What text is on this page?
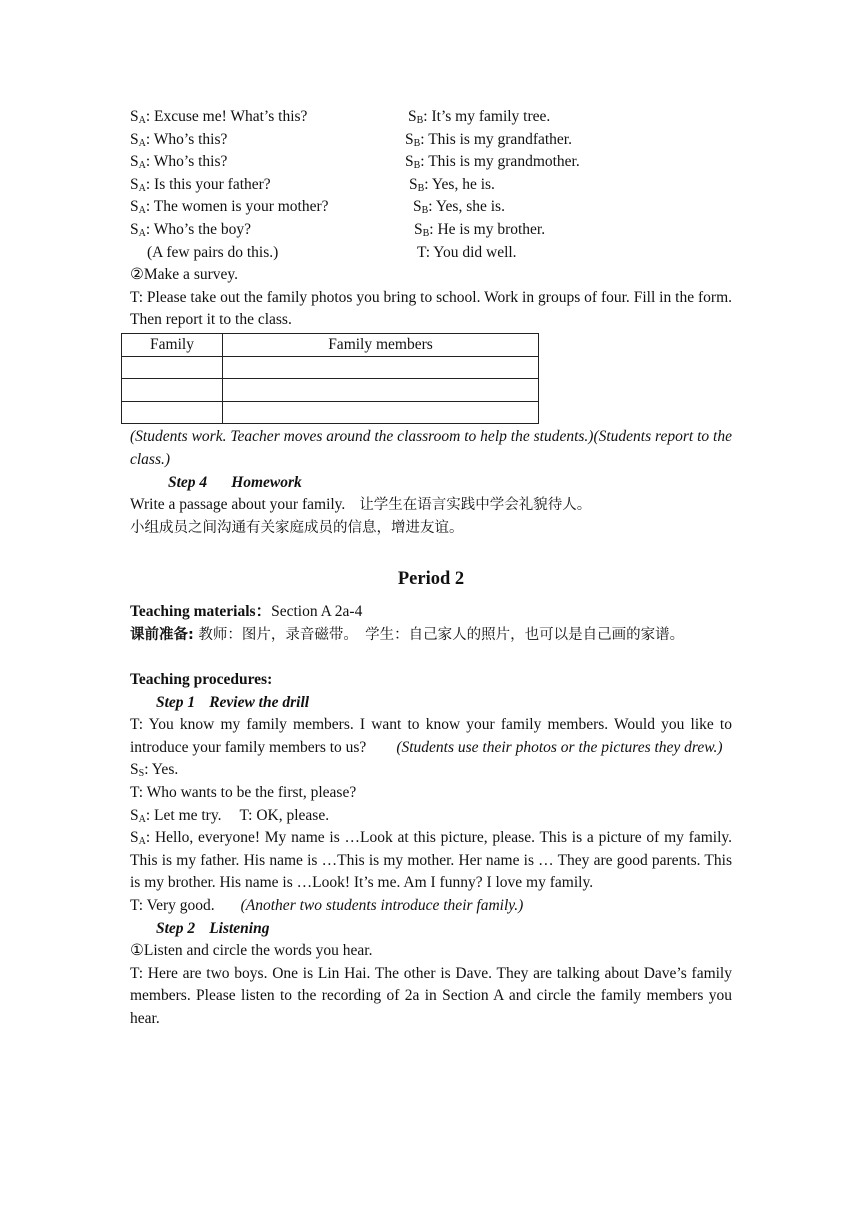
$S_A$: Excuse me! What’s this?	$S_B$: It’s my family tree.
$S_A$: Who’s this?	$S_B$: This is my grandfather.
$S_A$: Who’s this?	$S_B$: This is my grandmother.
$S_A$: Is this your father?	$S_B$: Yes, he is.
$S_A$: The women is your mother?	$S_B$: Yes, she is.
$S_A$: Who’s the boy?	$S_B$: He is my brother.
(A few pairs do this.)	T: You did well.
②Make a survey.
T: Please take out the family photos you bring to school. Work in groups of four. Fill in the form. Then report it to the class.
Family	Family members

(Students work. Teacher moves around the classroom to help the students.)(Students report to the class.)
Step 4 Homework
Write a passage about your family. 让学生在语言实践中学会礼貌待人。
小组成员之间沟通有关家庭成员的信息，增进友谊。
Period 2
Teaching materials：Section A 2a-4
课前准备: 教师：图片，录音磁带。　学生：自己家人的照片，也可以是自己画的家谱。
Teaching procedures:
Step 1 Review the drill
T: You know my family members. I want to know your family members. Would you like to introduce your family members to us? (Students use their photos or the pictures they drew.)
$S_S$: Yes.
T: Who wants to be the first, please?
$S_A$: Let me try. T: OK, please.
$S_A$: Hello, everyone! My name is …Look at this picture, please. This is a picture of my family. This is my father. His name is …This is my mother. Her name is … They are good parents. This is my brother. His name is …Look! It’s me. Am I funny? I love my family.
T: Very good. (Another two students introduce their family.)
Step 2 Listening
①Listen and circle the words you hear.
T: Here are two boys. One is Lin Hai. The other is Dave. They are talking about Dave’s family members. Please listen to the recording of 2a in Section A and circle the family members you hear.
